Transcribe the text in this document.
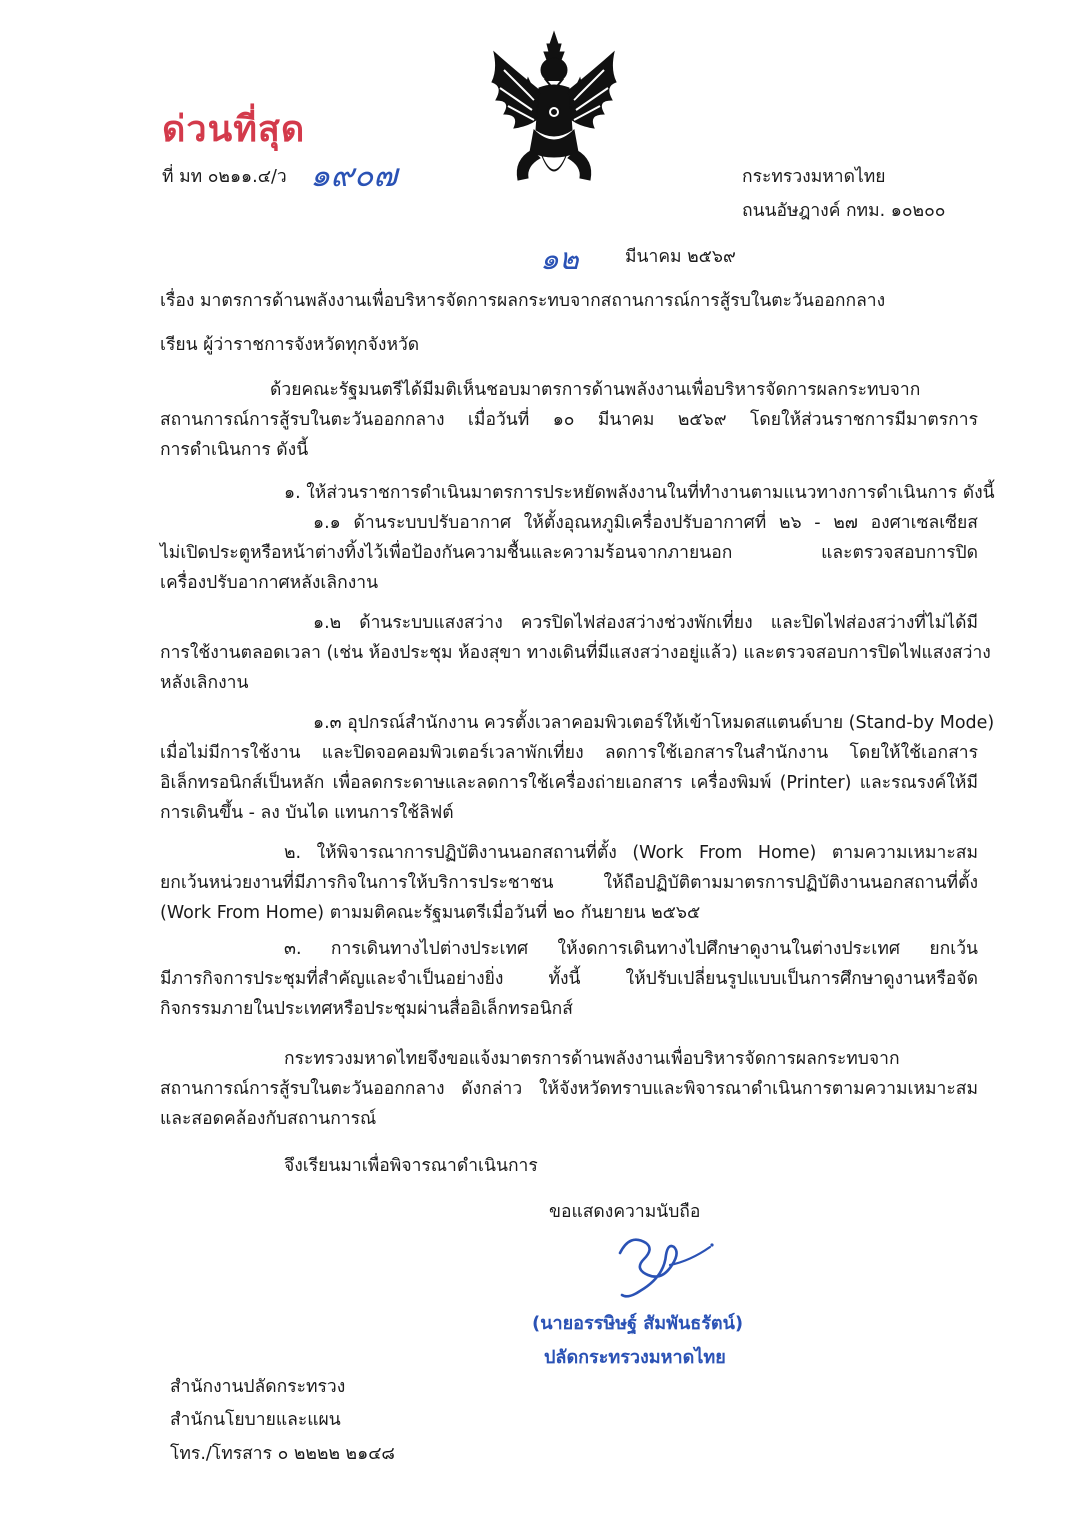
ด่วนที่สุด
ที่ มท ๐๒๑๑.๔/ว ๑๙๐๗	กระทรวงมหาดไทย
ถนนอัษฎางค์ กทม. ๑๐๒๐๐
๑๒	มีนาคม ๒๕๖๙
เรื่อง มาตรการด้านพลังงานเพื่อบริหารจัดการผลกระทบจากสถานการณ์การสู้รบในตะวันออกกลาง
เรียน ผู้ว่าราชการจังหวัดทุกจังหวัด
ด้วยคณะรัฐมนตรีได้มีมติเห็นชอบมาตรการด้านพลังงานเพื่อบริหารจัดการผลกระทบจาก
สถานการณ์การสู้รบในตะวันออกกลาง เมื่อวันที่ ๑๐ มีนาคม ๒๕๖๙ โดยให้ส่วนราชการมีมาตรการ
การดำเนินการ ดังนี้
๑. ให้ส่วนราชการดำเนินมาตรการประหยัดพลังงานในที่ทำงานตามแนวทางการดำเนินการ ดังนี้
๑.๑ ด้านระบบปรับอากาศ ให้ตั้งอุณหภูมิเครื่องปรับอากาศที่ ๒๖ - ๒๗ องศาเซลเซียส
ไม่เปิดประตูหรือหน้าต่างทิ้งไว้เพื่อป้องกันความชื้นและความร้อนจากภายนอก และตรวจสอบการปิด
เครื่องปรับอากาศหลังเลิกงาน
๑.๒ ด้านระบบแสงสว่าง ควรปิดไฟส่องสว่างช่วงพักเที่ยง และปิดไฟส่องสว่างที่ไม่ได้มี
การใช้งานตลอดเวลา (เช่น ห้องประชุม ห้องสุขา ทางเดินที่มีแสงสว่างอยู่แล้ว) และตรวจสอบการปิดไฟแสงสว่าง
หลังเลิกงาน
๑.๓ อุปกรณ์สำนักงาน ควรตั้งเวลาคอมพิวเตอร์ให้เข้าโหมดสแตนด์บาย (Stand-by Mode)
เมื่อไม่มีการใช้งาน และปิดจอคอมพิวเตอร์เวลาพักเที่ยง ลดการใช้เอกสารในสำนักงาน โดยให้ใช้เอกสาร
อิเล็กทรอนิกส์เป็นหลัก เพื่อลดกระดาษและลดการใช้เครื่องถ่ายเอกสาร เครื่องพิมพ์ (Printer) และรณรงค์ให้มี
การเดินขึ้น - ลง บันได แทนการใช้ลิฟต์
๒. ให้พิจารณาการปฏิบัติงานนอกสถานที่ตั้ง (Work From Home) ตามความเหมาะสม
ยกเว้นหน่วยงานที่มีภารกิจในการให้บริการประชาชน ให้ถือปฏิบัติตามมาตรการปฏิบัติงานนอกสถานที่ตั้ง
(Work From Home) ตามมติคณะรัฐมนตรีเมื่อวันที่ ๒๐ กันยายน ๒๕๖๕
๓. การเดินทางไปต่างประเทศ ให้งดการเดินทางไปศึกษาดูงานในต่างประเทศ ยกเว้น
มีภารกิจการประชุมที่สำคัญและจำเป็นอย่างยิ่ง ทั้งนี้ ให้ปรับเปลี่ยนรูปแบบเป็นการศึกษาดูงานหรือจัด
กิจกรรมภายในประเทศหรือประชุมผ่านสื่ออิเล็กทรอนิกส์
กระทรวงมหาดไทยจึงขอแจ้งมาตรการด้านพลังงานเพื่อบริหารจัดการผลกระทบจาก
สถานการณ์การสู้รบในตะวันออกกลาง ดังกล่าว ให้จังหวัดทราบและพิจารณาดำเนินการตามความเหมาะสม
และสอดคล้องกับสถานการณ์
จึงเรียนมาเพื่อพิจารณาดำเนินการ
ขอแสดงความนับถือ
(นายอรรษิษฐ์ สัมพันธรัตน์)
ปลัดกระทรวงมหาดไทย
สำนักงานปลัดกระทรวง
สำนักนโยบายและแผน
โทร./โทรสาร ๐ ๒๒๒๒ ๒๑๔๘
